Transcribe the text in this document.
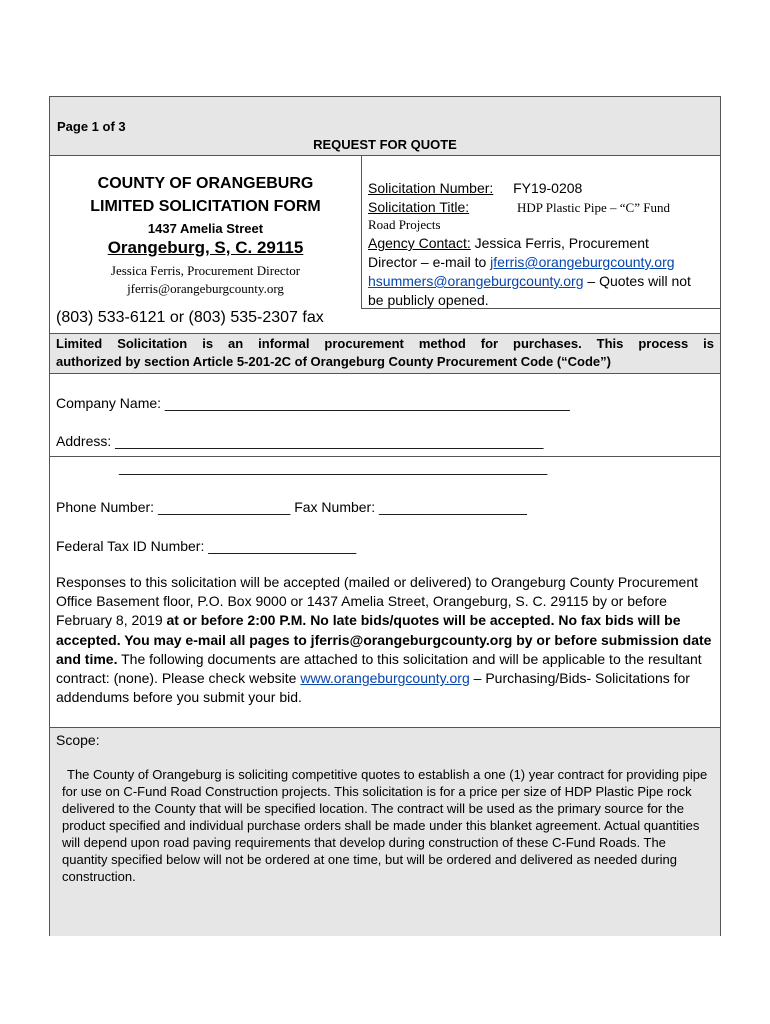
Page 1 of 3
REQUEST FOR QUOTE
COUNTY OF ORANGEBURG
LIMITED SOLICITATION FORM
1437 Amelia Street
Orangeburg, S, C. 29115
Jessica Ferris, Procurement Director
jferris@orangeburgcounty.org
(803) 533-6121 or (803) 535-2307 fax
Solicitation Number: FY19-0208
Solicitation Title:	HDP Plastic Pipe – “C” Fund
Road Projects
Agency Contact: Jessica Ferris, Procurement
Director – e-mail to jferris@orangeburgcounty.org
hsummers@orangeburgcounty.org – Quotes will not
be publicly opened.
Limited Solicitation is an informal procurement method for purchases. This process is
authorized by section Article 5-201-2C of Orangeburg County Procurement Code (“Code”)
Company Name: ____________________________________________________
Address: _______________________________________________________
_______________________________________________________
Phone Number: _________________ Fax Number: ___________________
Federal Tax ID Number: ___________________
Responses to this solicitation will be accepted (mailed or delivered) to Orangeburg County Procurement Office Basement floor, P.O. Box 9000 or 1437 Amelia Street, Orangeburg, S. C. 29115 by or before February 8, 2019 at or before 2:00 P.M. No late bids/quotes will be accepted. No fax bids will be accepted. You may e-mail all pages to jferris@orangeburgcounty.org by or before submission date and time. The following documents are attached to this solicitation and will be applicable to the resultant contract: (none). Please check website www.orangeburgcounty.org – Purchasing/Bids- Solicitations for addendums before you submit your bid.
Scope:
The County of Orangeburg is soliciting competitive quotes to establish a one (1) year contract for providing pipe for use on C-Fund Road Construction projects. This solicitation is for a price per size of HDP Plastic Pipe rock delivered to the County that will be specified location. The contract will be used as the primary source for the product specified and individual purchase orders shall be made under this blanket agreement. Actual quantities will depend upon road paving requirements that develop during construction of these C-Fund Roads. The quantity specified below will not be ordered at one time, but will be ordered and delivered as needed during construction.
